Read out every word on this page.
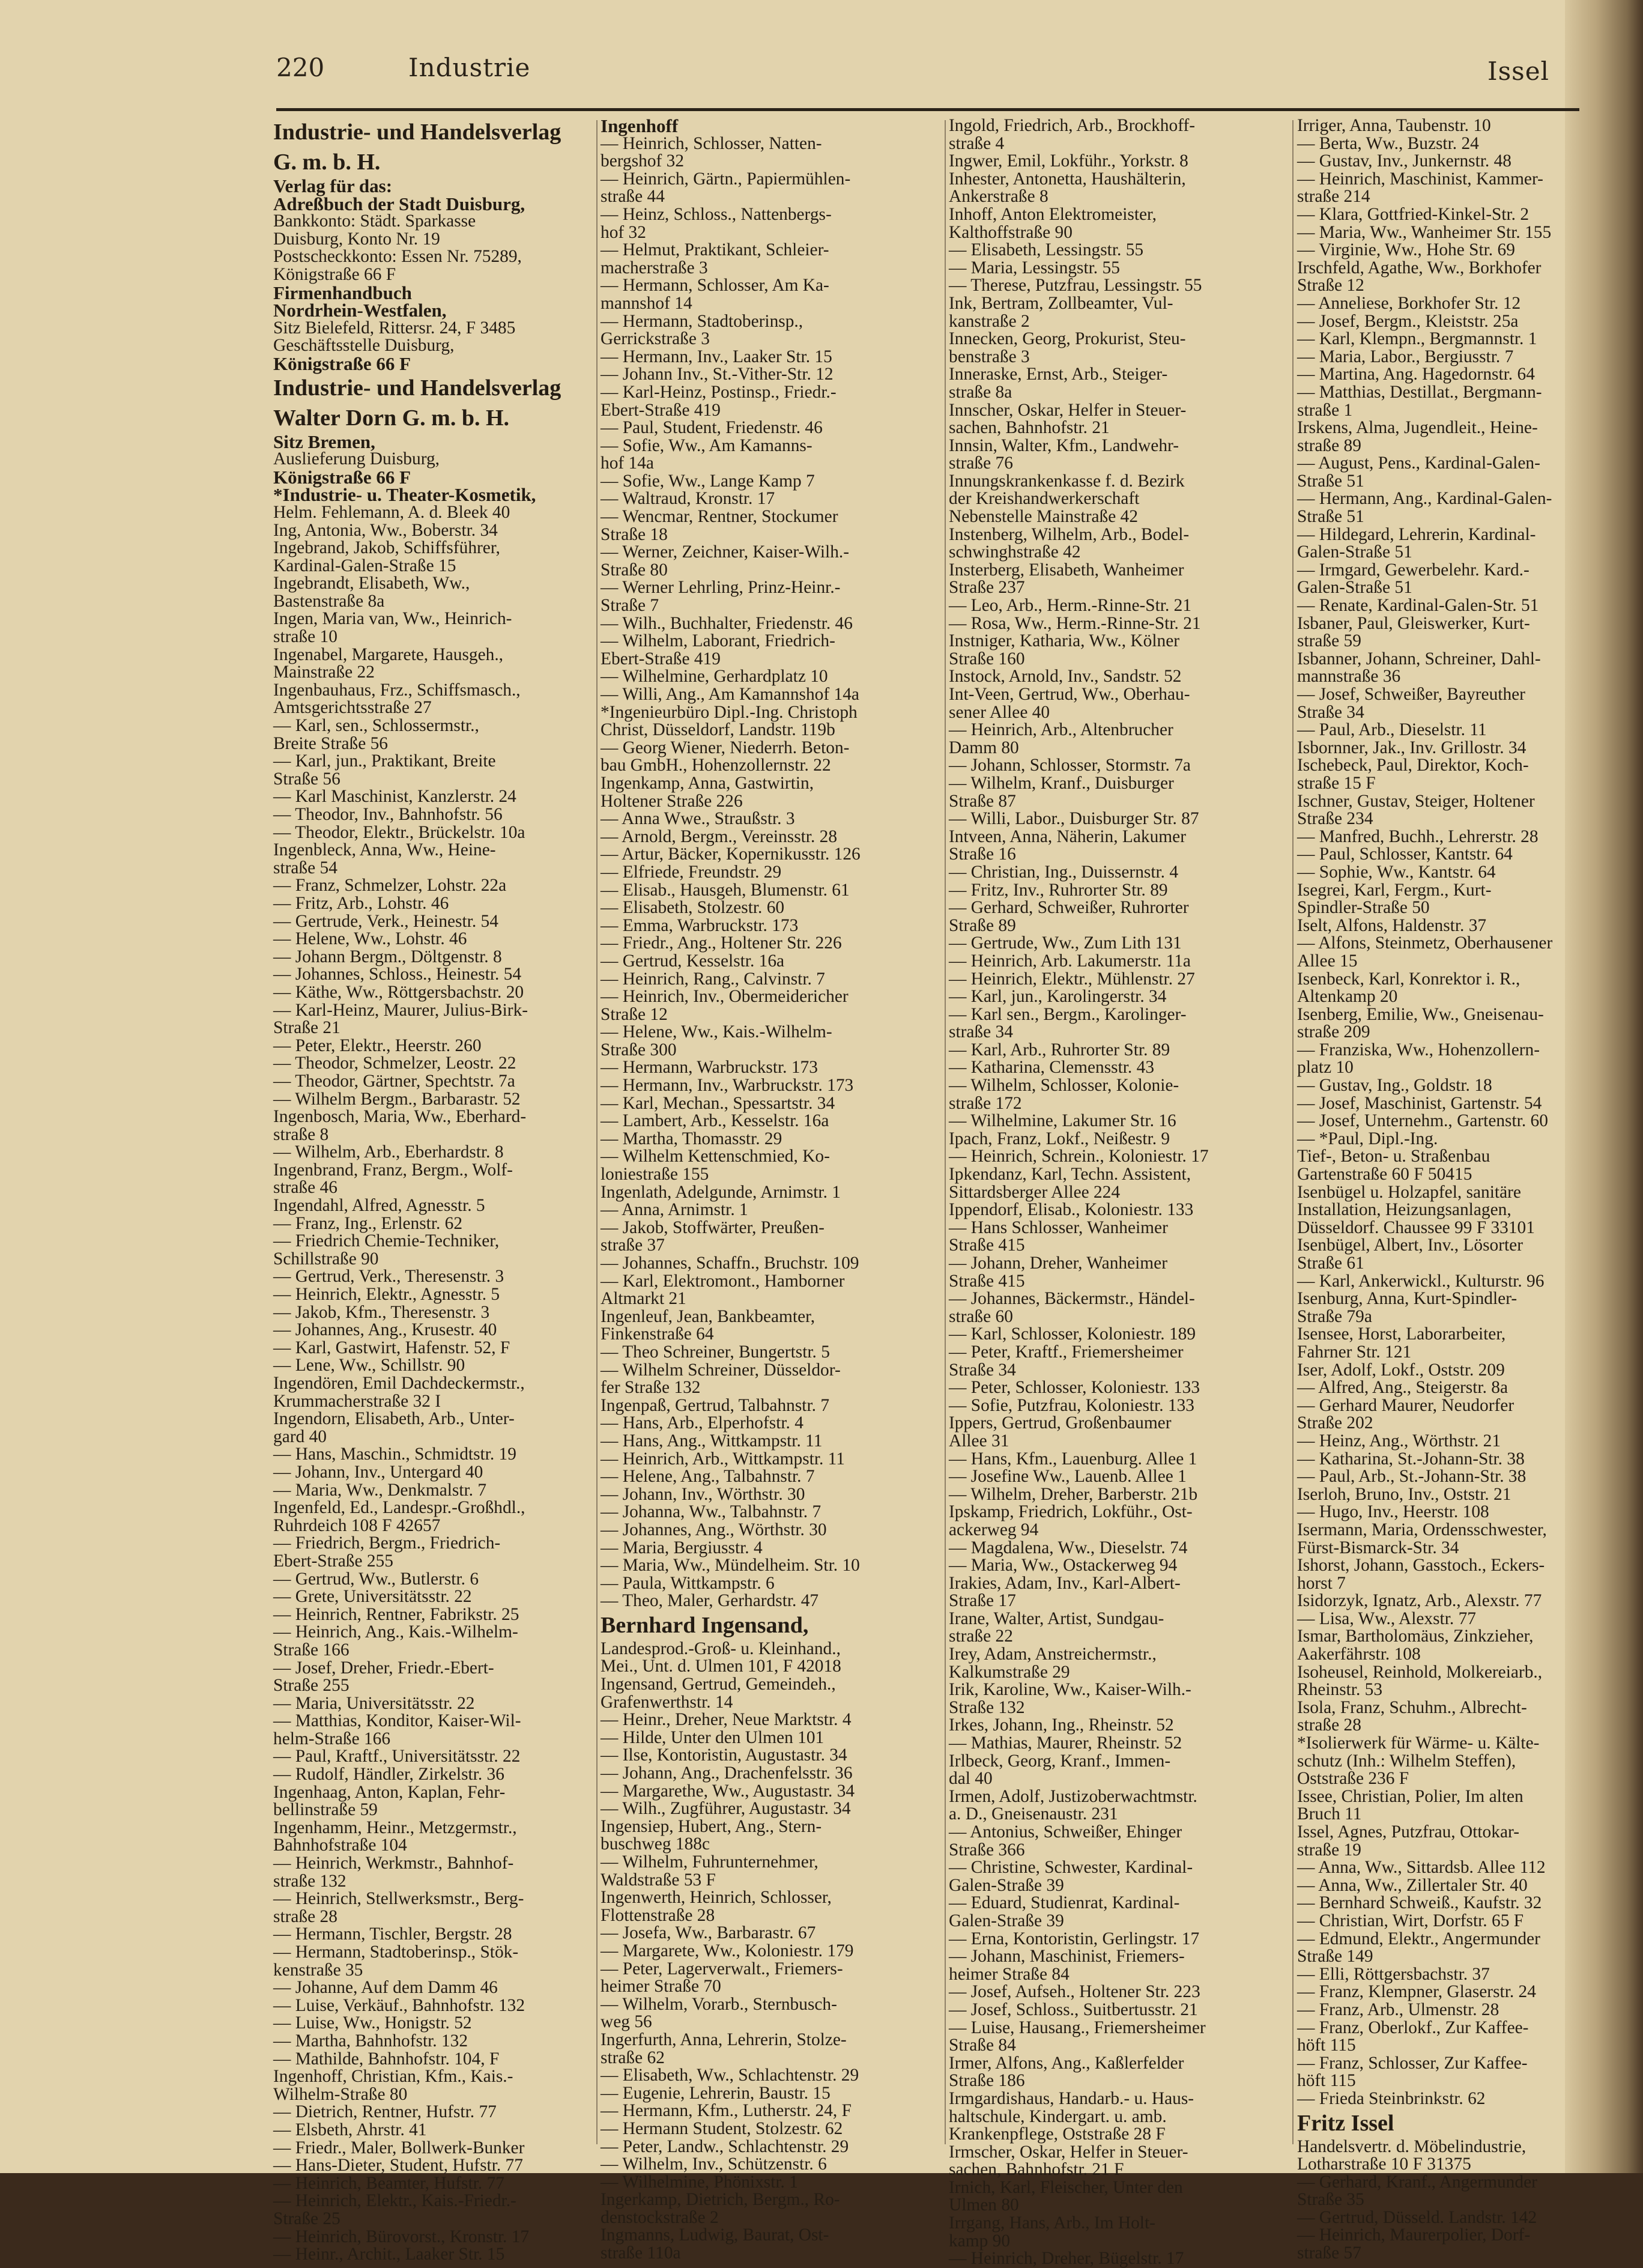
220	Industrie	Issel
Industrie- und Handelsverlag
G. m. b. H.
Verlag für das:
Adreßbuch der Stadt Duisburg,
Bankkonto: Städt. Sparkasse
Duisburg, Konto Nr. 19
Postscheckkonto: Essen Nr. 75289,
Königstraße 66 F
Firmenhandbuch
Nordrhein-Westfalen,
Sitz Bielefeld, Rittersr. 24, F 3485
Geschäftsstelle Duisburg,
Königstraße 66 F
Industrie- und Handelsverlag
Walter Dorn G. m. b. H.
Sitz Bremen,
Auslieferung Duisburg,
Königstraße 66 F
*Industrie- u. Theater-Kosmetik,
Helm. Fehlemann, A. d. Bleek 40
Ing, Antonia, Ww., Boberstr. 34
Ingebrand, Jakob, Schiffsführer,
Kardinal-Galen-Straße 15
Ingebrandt, Elisabeth, Ww.,
Bastenstraße 8a
Ingen, Maria van, Ww., Heinrich-
straße 10
Ingenabel, Margarete, Hausgeh.,
Mainstraße 22
Ingenbauhaus, Frz., Schiffsmasch.,
Amtsgerichtsstraße 27
— Karl, sen., Schlossermstr.,
Breite Straße 56
— Karl, jun., Praktikant, Breite
Straße 56
— Karl Maschinist, Kanzlerstr. 24
— Theodor, Inv., Bahnhofstr. 56
— Theodor, Elektr., Brückelstr. 10a
Ingenbleck, Anna, Ww., Heine-
straße 54
— Franz, Schmelzer, Lohstr. 22a
— Fritz, Arb., Lohstr. 46
— Gertrude, Verk., Heinestr. 54
— Helene, Ww., Lohstr. 46
— Johann Bergm., Döltgenstr. 8
— Johannes, Schloss., Heinestr. 54
— Käthe, Ww., Röttgersbachstr. 20
— Karl-Heinz, Maurer, Julius-Birk-
Straße 21
— Peter, Elektr., Heerstr. 260
— Theodor, Schmelzer, Leostr. 22
— Theodor, Gärtner, Spechtstr. 7a
— Wilhelm Bergm., Barbarastr. 52
Ingenbosch, Maria, Ww., Eberhard-
straße 8
— Wilhelm, Arb., Eberhardstr. 8
Ingenbrand, Franz, Bergm., Wolf-
straße 46
Ingendahl, Alfred, Agnesstr. 5
— Franz, Ing., Erlenstr. 62
— Friedrich Chemie-Techniker,
Schillstraße 90
— Gertrud, Verk., Theresenstr. 3
— Heinrich, Elektr., Agnesstr. 5
— Jakob, Kfm., Theresenstr. 3
— Johannes, Ang., Krusestr. 40
— Karl, Gastwirt, Hafenstr. 52, F
— Lene, Ww., Schillstr. 90
Ingendören, Emil Dachdeckermstr.,
Krummacherstraße 32 I
Ingendorn, Elisabeth, Arb., Unter-
gard 40
— Hans, Maschin., Schmidtstr. 19
— Johann, Inv., Untergard 40
— Maria, Ww., Denkmalstr. 7
Ingenfeld, Ed., Landespr.-Großhdl.,
Ruhrdeich 108 F 42657
— Friedrich, Bergm., Friedrich-
Ebert-Straße 255
— Gertrud, Ww., Butlerstr. 6
— Grete, Universitätsstr. 22
— Heinrich, Rentner, Fabrikstr. 25
— Heinrich, Ang., Kais.-Wilhelm-
Straße 166
— Josef, Dreher, Friedr.-Ebert-
Straße 255
— Maria, Universitätsstr. 22
— Matthias, Konditor, Kaiser-Wil-
helm-Straße 166
— Paul, Kraftf., Universitätsstr. 22
— Rudolf, Händler, Zirkelstr. 36
Ingenhaag, Anton, Kaplan, Fehr-
bellinstraße 59
Ingenhamm, Heinr., Metzgermstr.,
Bahnhofstraße 104
— Heinrich, Werkmstr., Bahnhof-
straße 132
— Heinrich, Stellwerksmstr., Berg-
straße 28
— Hermann, Tischler, Bergstr. 28
— Hermann, Stadtoberinsp., Stök-
kenstraße 35
— Johanne, Auf dem Damm 46
— Luise, Verkäuf., Bahnhofstr. 132
— Luise, Ww., Honigstr. 52
— Martha, Bahnhofstr. 132
— Mathilde, Bahnhofstr. 104, F
Ingenhoff, Christian, Kfm., Kais.-
Wilhelm-Straße 80
— Dietrich, Rentner, Hufstr. 77
— Elsbeth, Ahrstr. 41
— Friedr., Maler, Bollwerk-Bunker
— Hans-Dieter, Student, Hufstr. 77
— Heinrich, Beamter, Hufstr. 77
— Heinrich, Elektr., Kais.-Friedr.-
Straße 25
— Heinrich, Bürovorst., Kronstr. 17
— Heinr., Archit., Laaker Str. 15
Ingenhoff
— Heinrich, Schlosser, Natten-
bergshof 32
— Heinrich, Gärtn., Papiermühlen-
straße 44
— Heinz, Schloss., Nattenbergs-
hof 32
— Helmut, Praktikant, Schleier-
macherstraße 3
— Hermann, Schlosser, Am Ka-
mannshof 14
— Hermann, Stadtoberinsp.,
Gerrickstraße 3
— Hermann, Inv., Laaker Str. 15
— Johann Inv., St.-Vither-Str. 12
— Karl-Heinz, Postinsp., Friedr.-
Ebert-Straße 419
— Paul, Student, Friedenstr. 46
— Sofie, Ww., Am Kamanns-
hof 14a
— Sofie, Ww., Lange Kamp 7
— Waltraud, Kronstr. 17
— Wencmar, Rentner, Stockumer
Straße 18
— Werner, Zeichner, Kaiser-Wilh.-
Straße 80
— Werner Lehrling, Prinz-Heinr.-
Straße 7
— Wilh., Buchhalter, Friedenstr. 46
— Wilhelm, Laborant, Friedrich-
Ebert-Straße 419
— Wilhelmine, Gerhardplatz 10
— Willi, Ang., Am Kamannshof 14a
*Ingenieurbüro Dipl.-Ing. Christoph
Christ, Düsseldorf, Landstr. 119b
— Georg Wiener, Niederrh. Beton-
bau GmbH., Hohenzollernstr. 22
Ingenkamp, Anna, Gastwirtin,
Holtener Straße 226
— Anna Wwe., Straußstr. 3
— Arnold, Bergm., Vereinsstr. 28
— Artur, Bäcker, Kopernikusstr. 126
— Elfriede, Freundstr. 29
— Elisab., Hausgeh, Blumenstr. 61
— Elisabeth, Stolzestr. 60
— Emma, Warbruckstr. 173
— Friedr., Ang., Holtener Str. 226
— Gertrud, Kesselstr. 16a
— Heinrich, Rang., Calvinstr. 7
— Heinrich, Inv., Obermeidericher
Straße 12
— Helene, Ww., Kais.-Wilhelm-
Straße 300
— Hermann, Warbruckstr. 173
— Hermann, Inv., Warbruckstr. 173
— Karl, Mechan., Spessartstr. 34
— Lambert, Arb., Kesselstr. 16a
— Martha, Thomasstr. 29
— Wilhelm Kettenschmied, Ko-
loniestraße 155
Ingenlath, Adelgunde, Arnimstr. 1
— Anna, Arnimstr. 1
— Jakob, Stoffwärter, Preußen-
straße 37
— Johannes, Schaffn., Bruchstr. 109
— Karl, Elektromont., Hamborner
Altmarkt 21
Ingenleuf, Jean, Bankbeamter,
Finkenstraße 64
— Theo Schreiner, Bungertstr. 5
— Wilhelm Schreiner, Düsseldor-
fer Straße 132
Ingenpaß, Gertrud, Talbahnstr. 7
— Hans, Arb., Elperhofstr. 4
— Hans, Ang., Wittkampstr. 11
— Heinrich, Arb., Wittkampstr. 11
— Helene, Ang., Talbahnstr. 7
— Johann, Inv., Wörthstr. 30
— Johanna, Ww., Talbahnstr. 7
— Johannes, Ang., Wörthstr. 30
— Maria, Bergiusstr. 4
— Maria, Ww., Mündelheim. Str. 10
— Paula, Wittkampstr. 6
— Theo, Maler, Gerhardstr. 47
Bernhard Ingensand,
Landesprod.-Groß- u. Kleinhand.,
Mei., Unt. d. Ulmen 101, F 42018
Ingensand, Gertrud, Gemeindeh.,
Grafenwerthstr. 14
— Heinr., Dreher, Neue Marktstr. 4
— Hilde, Unter den Ulmen 101
— Ilse, Kontoristin, Augustastr. 34
— Johann, Ang., Drachenfelsstr. 36
— Margarethe, Ww., Augustastr. 34
— Wilh., Zugführer, Augustastr. 34
Ingensiep, Hubert, Ang., Stern-
buschweg 188c
— Wilhelm, Fuhrunternehmer,
Waldstraße 53 F
Ingenwerth, Heinrich, Schlosser,
Flottenstraße 28
— Josefa, Ww., Barbarastr. 67
— Margarete, Ww., Koloniestr. 179
— Peter, Lagerverwalt., Friemers-
heimer Straße 70
— Wilhelm, Vorarb., Sternbusch-
weg 56
Ingerfurth, Anna, Lehrerin, Stolze-
straße 62
— Elisabeth, Ww., Schlachtenstr. 29
— Eugenie, Lehrerin, Baustr. 15
— Hermann, Kfm., Lutherstr. 24, F
— Hermann Student, Stolzestr. 62
— Peter, Landw., Schlachtenstr. 29
— Wilhelm, Inv., Schützenstr. 6
— Wilhelmine, Phönixstr. 1
Ingerkamp, Dietrich, Bergm., Ro-
denstockstraße 2
Ingmanns, Ludwig, Baurat, Ost-
straße 110a
Ingold, Friedrich, Arb., Brockhoff-
straße 4
Ingwer, Emil, Lokführ., Yorkstr. 8
Inhester, Antonetta, Haushälterin,
Ankerstraße 8
Inhoff, Anton Elektromeister,
Kalthoffstraße 90
— Elisabeth, Lessingstr. 55
— Maria, Lessingstr. 55
— Therese, Putzfrau, Lessingstr. 55
Ink, Bertram, Zollbeamter, Vul-
kanstraße 2
Innecken, Georg, Prokurist, Steu-
benstraße 3
Inneraske, Ernst, Arb., Steiger-
straße 8a
Innscher, Oskar, Helfer in Steuer-
sachen, Bahnhofstr. 21
Innsin, Walter, Kfm., Landwehr-
straße 76
Innungskrankenkasse f. d. Bezirk
der Kreishandwerkerschaft
Nebenstelle Mainstraße 42
Instenberg, Wilhelm, Arb., Bodel-
schwinghstraße 42
Insterberg, Elisabeth, Wanheimer
Straße 237
— Leo, Arb., Herm.-Rinne-Str. 21
— Rosa, Ww., Herm.-Rinne-Str. 21
Instniger, Katharia, Ww., Kölner
Straße 160
Instock, Arnold, Inv., Sandstr. 52
Int-Veen, Gertrud, Ww., Oberhau-
sener Allee 40
— Heinrich, Arb., Altenbrucher
Damm 80
— Johann, Schlosser, Stormstr. 7a
— Wilhelm, Kranf., Duisburger
Straße 87
— Willi, Labor., Duisburger Str. 87
Intveen, Anna, Näherin, Lakumer
Straße 16
— Christian, Ing., Duissernstr. 4
— Fritz, Inv., Ruhrorter Str. 89
— Gerhard, Schweißer, Ruhrorter
Straße 89
— Gertrude, Ww., Zum Lith 131
— Heinrich, Arb. Lakumerstr. 11a
— Heinrich, Elektr., Mühlenstr. 27
— Karl, jun., Karolingerstr. 34
— Karl sen., Bergm., Karolinger-
straße 34
— Karl, Arb., Ruhrorter Str. 89
— Katharina, Clemensstr. 43
— Wilhelm, Schlosser, Kolonie-
straße 172
— Wilhelmine, Lakumer Str. 16
Ipach, Franz, Lokf., Neißestr. 9
— Heinrich, Schrein., Koloniestr. 17
Ipkendanz, Karl, Techn. Assistent,
Sittardsberger Allee 224
Ippendorf, Elisab., Koloniestr. 133
— Hans Schlosser, Wanheimer
Straße 415
— Johann, Dreher, Wanheimer
Straße 415
— Johannes, Bäckermstr., Händel-
straße 60
— Karl, Schlosser, Koloniestr. 189
— Peter, Kraftf., Friemersheimer
Straße 34
— Peter, Schlosser, Koloniestr. 133
— Sofie, Putzfrau, Koloniestr. 133
Ippers, Gertrud, Großenbaumer
Allee 31
— Hans, Kfm., Lauenburg. Allee 1
— Josefine Ww., Lauenb. Allee 1
— Wilhelm, Dreher, Barberstr. 21b
Ipskamp, Friedrich, Lokführ., Ost-
ackerweg 94
— Magdalena, Ww., Dieselstr. 74
— Maria, Ww., Ostackerweg 94
Irakies, Adam, Inv., Karl-Albert-
Straße 17
Irane, Walter, Artist, Sundgau-
straße 22
Irey, Adam, Anstreichermstr.,
Kalkumstraße 29
Irik, Karoline, Ww., Kaiser-Wilh.-
Straße 132
Irkes, Johann, Ing., Rheinstr. 52
— Mathias, Maurer, Rheinstr. 52
Irlbeck, Georg, Kranf., Immen-
dal 40
Irmen, Adolf, Justizoberwachtmstr.
a. D., Gneisenaustr. 231
— Antonius, Schweißer, Ehinger
Straße 366
— Christine, Schwester, Kardinal-
Galen-Straße 39
— Eduard, Studienrat, Kardinal-
Galen-Straße 39
— Erna, Kontoristin, Gerlingstr. 17
— Johann, Maschinist, Friemers-
heimer Straße 84
— Josef, Aufseh., Holtener Str. 223
— Josef, Schloss., Suitbertusstr. 21
— Luise, Hausang., Friemersheimer
Straße 84
Irmer, Alfons, Ang., Kaßlerfelder
Straße 186
Irmgardishaus, Handarb.- u. Haus-
haltschule, Kindergart. u. amb.
Krankenpflege, Oststraße 28 F
Irmscher, Oskar, Helfer in Steuer-
sachen, Bahnhofstr. 21 F
Irnich, Karl, Fleischer, Unter den
Ulmen 80
Irrgang, Hans, Arb., Im Holt-
kamp 90
— Heinrich, Dreher, Bügelstr. 17
Irriger, Anna, Taubenstr. 10
— Berta, Ww., Buzstr. 24
— Gustav, Inv., Junkernstr. 48
— Heinrich, Maschinist, Kammer-
straße 214
— Klara, Gottfried-Kinkel-Str. 2
— Maria, Ww., Wanheimer Str. 155
— Virginie, Ww., Hohe Str. 69
Irschfeld, Agathe, Ww., Borkhofer
Straße 12
— Anneliese, Borkhofer Str. 12
— Josef, Bergm., Kleiststr. 25a
— Karl, Klempn., Bergmannstr. 1
— Maria, Labor., Bergiusstr. 7
— Martina, Ang. Hagedornstr. 64
— Matthias, Destillat., Bergmann-
straße 1
Irskens, Alma, Jugendleit., Heine-
straße 89
— August, Pens., Kardinal-Galen-
Straße 51
— Hermann, Ang., Kardinal-Galen-
Straße 51
— Hildegard, Lehrerin, Kardinal-
Galen-Straße 51
— Irmgard, Gewerbelehr. Kard.-
Galen-Straße 51
— Renate, Kardinal-Galen-Str. 51
Isbaner, Paul, Gleiswerker, Kurt-
straße 59
Isbanner, Johann, Schreiner, Dahl-
mannstraße 36
— Josef, Schweißer, Bayreuther
Straße 34
— Paul, Arb., Dieselstr. 11
Isbornner, Jak., Inv. Grillostr. 34
Ischebeck, Paul, Direktor, Koch-
straße 15 F
Ischner, Gustav, Steiger, Holtener
Straße 234
— Manfred, Buchh., Lehrerstr. 28
— Paul, Schlosser, Kantstr. 64
— Sophie, Ww., Kantstr. 64
Isegrei, Karl, Fergm., Kurt-
Spindler-Straße 50
Iselt, Alfons, Haldenstr. 37
— Alfons, Steinmetz, Oberhausener
Allee 15
Isenbeck, Karl, Konrektor i. R.,
Altenkamp 20
Isenberg, Emilie, Ww., Gneisenau-
straße 209
— Franziska, Ww., Hohenzollern-
platz 10
— Gustav, Ing., Goldstr. 18
— Josef, Maschinist, Gartenstr. 54
— Josef, Unternehm., Gartenstr. 60
— *Paul, Dipl.-Ing.
Tief-, Beton- u. Straßenbau
Gartenstraße 60 F 50415
Isenbügel u. Holzapfel, sanitäre
Installation, Heizungsanlagen,
Düsseldorf. Chaussee 99 F 33101
Isenbügel, Albert, Inv., Lösorter
Straße 61
— Karl, Ankerwickl., Kulturstr. 96
Isenburg, Anna, Kurt-Spindler-
Straße 79a
Isensee, Horst, Laborarbeiter,
Fahrner Str. 121
Iser, Adolf, Lokf., Oststr. 209
— Alfred, Ang., Steigerstr. 8a
— Gerhard Maurer, Neudorfer
Straße 202
— Heinz, Ang., Wörthstr. 21
— Katharina, St.-Johann-Str. 38
— Paul, Arb., St.-Johann-Str. 38
Iserloh, Bruno, Inv., Oststr. 21
— Hugo, Inv., Heerstr. 108
Isermann, Maria, Ordensschwester,
Fürst-Bismarck-Str. 34
Ishorst, Johann, Gasstoch., Eckers-
horst 7
Isidorzyk, Ignatz, Arb., Alexstr. 77
— Lisa, Ww., Alexstr. 77
Ismar, Bartholomäus, Zinkzieher,
Aakerfährstr. 108
Isoheusel, Reinhold, Molkereiarb.,
Rheinstr. 53
Isola, Franz, Schuhm., Albrecht-
straße 28
*Isolierwerk für Wärme- u. Kälte-
schutz (Inh.: Wilhelm Steffen),
Oststraße 236 F
Issee, Christian, Polier, Im alten
Bruch 11
Issel, Agnes, Putzfrau, Ottokar-
straße 19
— Anna, Ww., Sittardsb. Allee 112
— Anna, Ww., Zillertaler Str. 40
— Bernhard Schweiß., Kaufstr. 32
— Christian, Wirt, Dorfstr. 65 F
— Edmund, Elektr., Angermunder
Straße 149
— Elli, Röttgersbachstr. 37
— Franz, Klempner, Glaserstr. 24
— Franz, Arb., Ulmenstr. 28
— Franz, Oberlokf., Zur Kaffee-
höft 115
— Franz, Schlosser, Zur Kaffee-
höft 115
— Frieda Steinbrinkstr. 62
Fritz Issel
Handelsvertr. d. Möbelindustrie,
Lotharstraße 10 F 31375
— Gerhard, Kranf., Angermunder
Straße 35
— Gertrud, Düsseld. Landstr. 142
— Heinrich, Maurerpolier, Dorf-
straße 57
